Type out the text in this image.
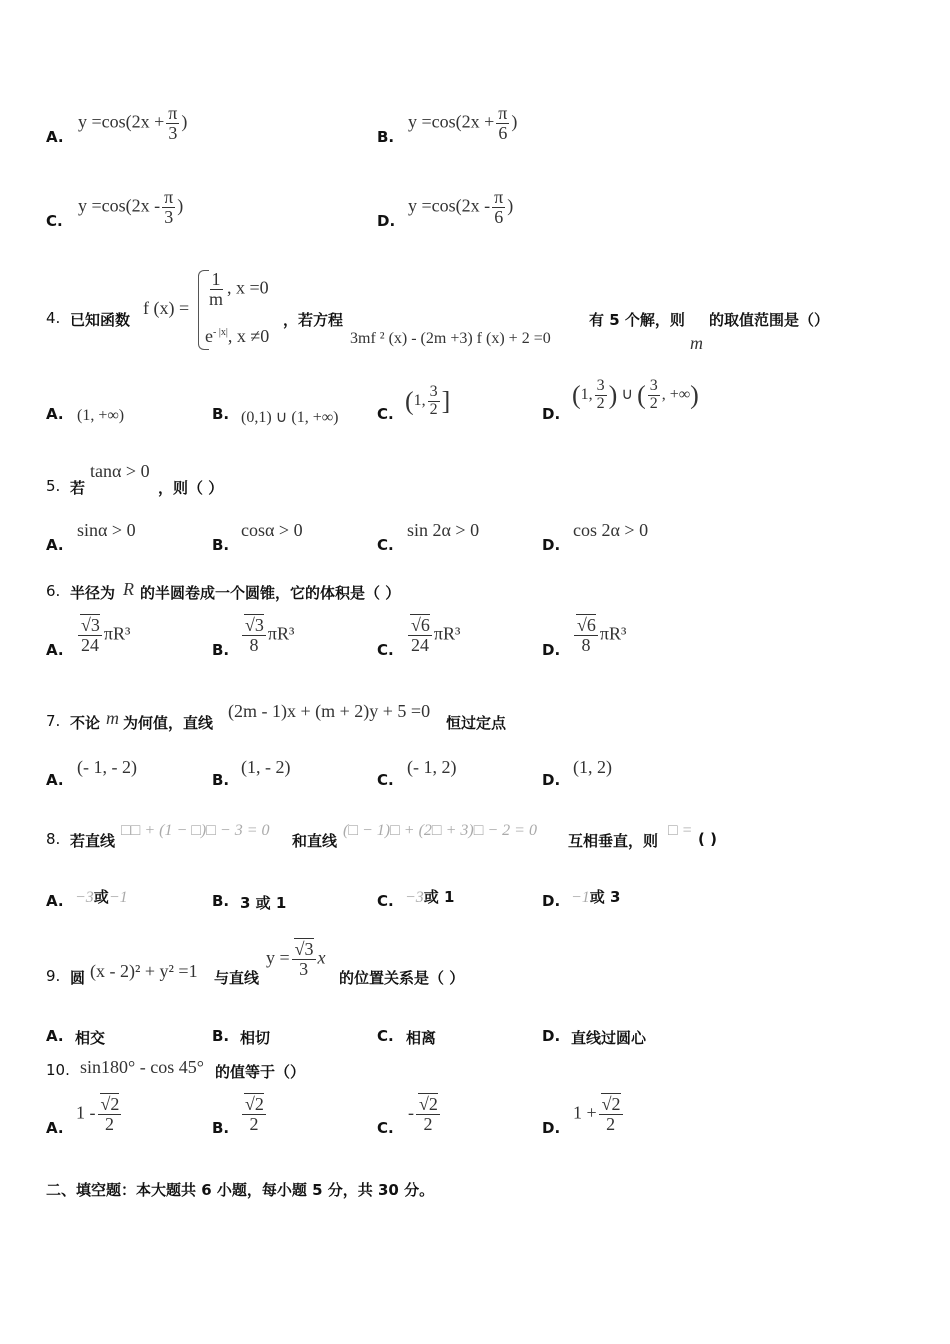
A.
$y =\cos(2x + \frac{\pi}{3}$ )
B.
$y =\cos(2x + \frac{\pi}{6}$ )
C.
$y =\cos(2x - \frac{\pi}{3}$ )
D.
$y =\cos(2x - \frac{\pi}{6}$ )
4. 已知函数
f $(x) = \frac{1}{m}$ , x =0
$e^{- |x|}$, x ≠0
，若方程
3mf ² (x) - (2m +3) f (x) + 2 =0
有 5 个解，则
m
的取值范围是（）
A. (1, +∞)	B. (0,1) ∪ (1, +∞)	C. (1, $\frac{3}{2}$ ]	D.
(1, $\frac{3}{2}$ ) ∪ ( $\frac{3}{2}$ , +∞)
5. 若
tanα > 0
，则（ ）
A.
sinα > 0
B.
cosα > 0
C.
sin 2α > 0
D.
cos 2α > 0
6. 半径为 R 的半圆卷成一个圆锥，它的体积是（ ）
A. $\frac{√3}{24} \pi R^3$
B. $\frac{√3}{8} \pi R^3$
C. $\frac{√6}{24} \pi R^3$
D. $\frac{√6}{8} \pi R^3$
7. 不论 m 为何值，直线
(2m - 1)x + (m + 2)y + 5 =0
恒过定点
A.
(- 1, - 2)
B.
(1, - 2)
C.
(- 1, 2)
D.
(1, 2)
8. 若直线
□□ + (1 − □)□ − 3 = 0
和直线
(□ − 1)□ + (2□ + 3)□ − 2 = 0
互相垂直，则
□ = ( )
A. −3或−1	B. 3 或 1	C. −3或 1	D. −1或 3
9. 圆 (x - 2)² + y² =1 与直线
$y = \frac{√3}{3}$ x
的位置关系是（ ）
A. 相交	B. 相切	C. 相离	D. 直线过圆心
10. sin180° - cos 45° 的值等于（）
A.
$1 - \frac{√2}{2}$	B. $\frac{√2}{2}$	C.
- $\frac{√2}{2}$	D.
$1 + \frac{√2}{2}$
二、填空题：本大题共 6 小题，每小题 5 分，共 30 分。
